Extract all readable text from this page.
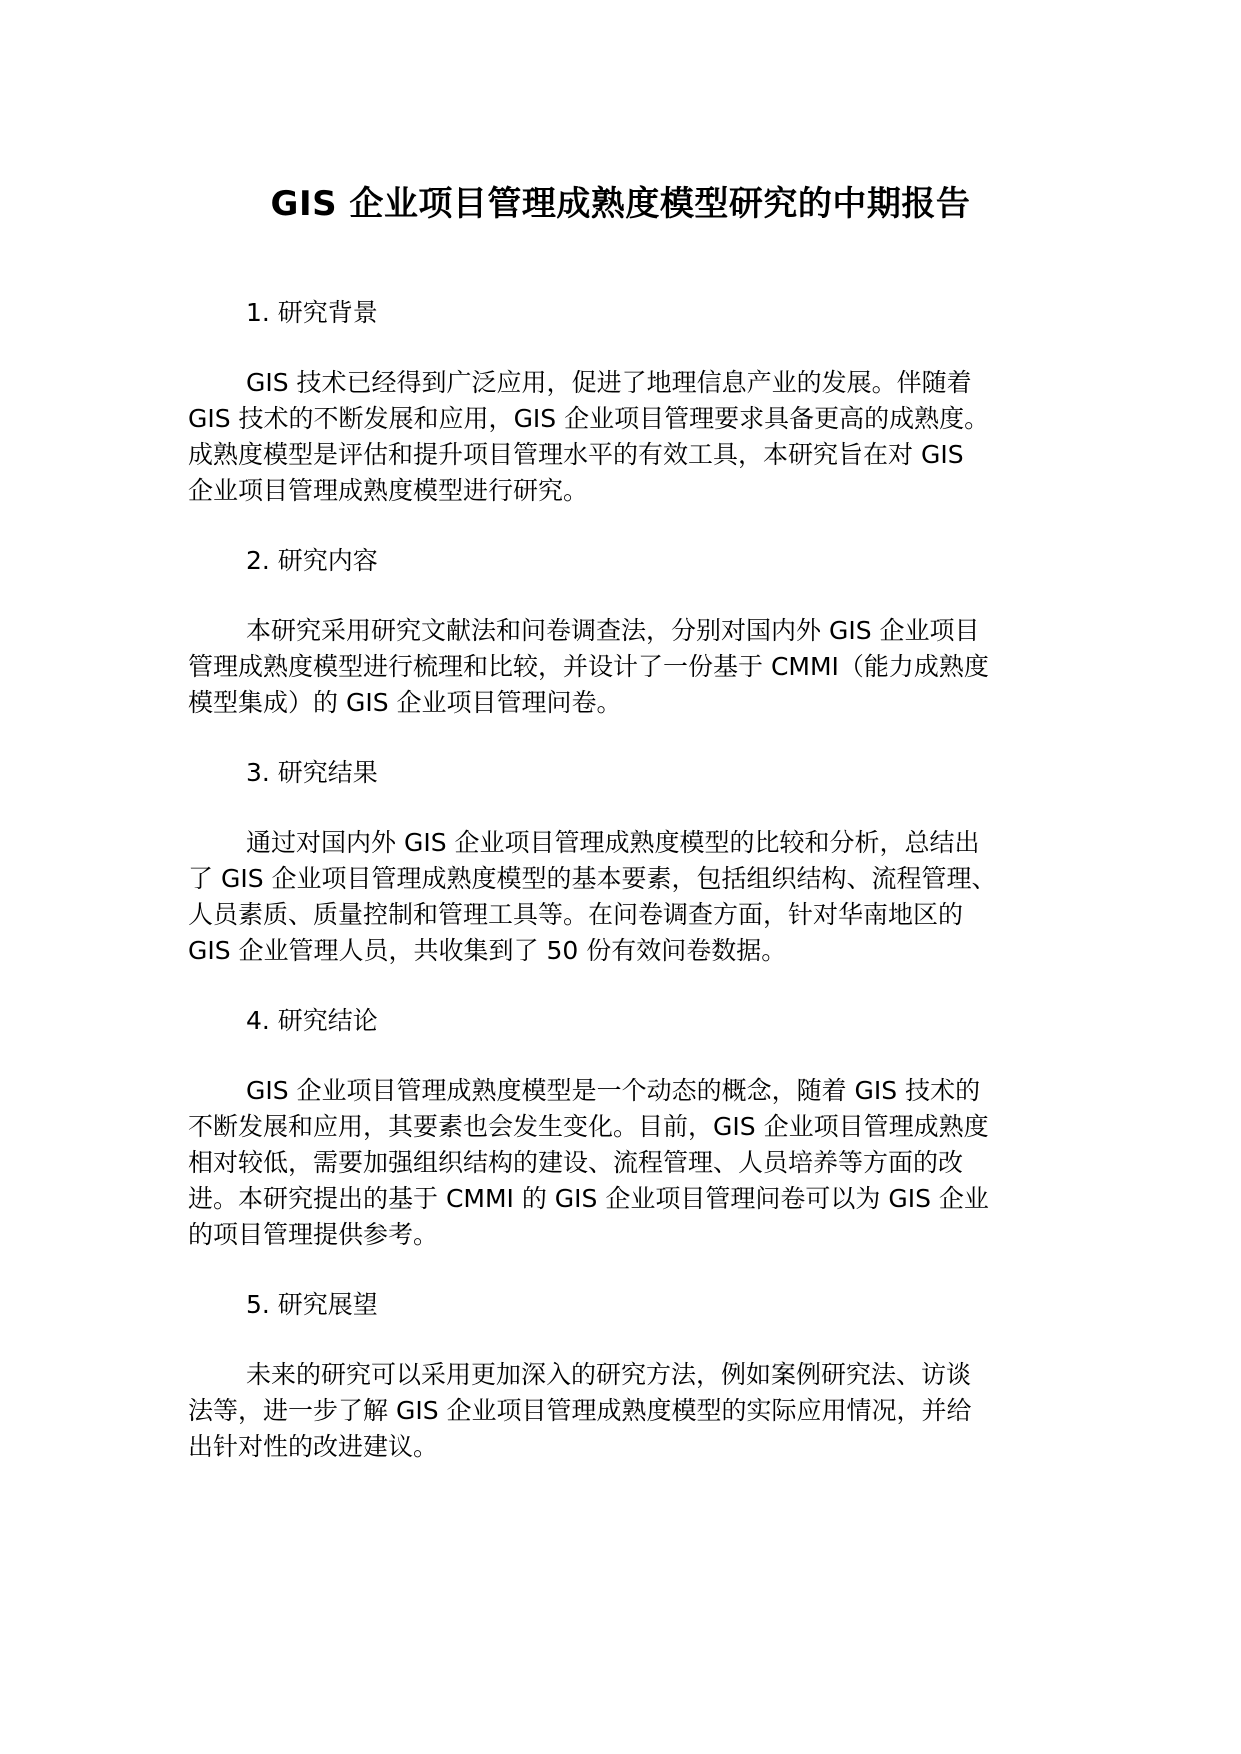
GIS 企业项目管理成熟度模型研究的中期报告

1. 研究背景

GIS 技术已经得到广泛应用，促进了地理信息产业的发展。伴随着
GIS 技术的不断发展和应用，GIS 企业项目管理要求具备更高的成熟度。
成熟度模型是评估和提升项目管理水平的有效工具，本研究旨在对 GIS
企业项目管理成熟度模型进行研究。

2. 研究内容

本研究采用研究文献法和问卷调查法，分别对国内外 GIS 企业项目
管理成熟度模型进行梳理和比较，并设计了一份基于 CMMI（能力成熟度
模型集成）的 GIS 企业项目管理问卷。

3. 研究结果

通过对国内外 GIS 企业项目管理成熟度模型的比较和分析，总结出
了 GIS 企业项目管理成熟度模型的基本要素，包括组织结构、流程管理、
人员素质、质量控制和管理工具等。在问卷调查方面，针对华南地区的
GIS 企业管理人员，共收集到了 50 份有效问卷数据。

4. 研究结论

GIS 企业项目管理成熟度模型是一个动态的概念，随着 GIS 技术的
不断发展和应用，其要素也会发生变化。目前，GIS 企业项目管理成熟度
相对较低，需要加强组织结构的建设、流程管理、人员培养等方面的改
进。本研究提出的基于 CMMI 的 GIS 企业项目管理问卷可以为 GIS 企业
的项目管理提供参考。

5. 研究展望

未来的研究可以采用更加深入的研究方法，例如案例研究法、访谈
法等，进一步了解 GIS 企业项目管理成熟度模型的实际应用情况，并给
出针对性的改进建议。
